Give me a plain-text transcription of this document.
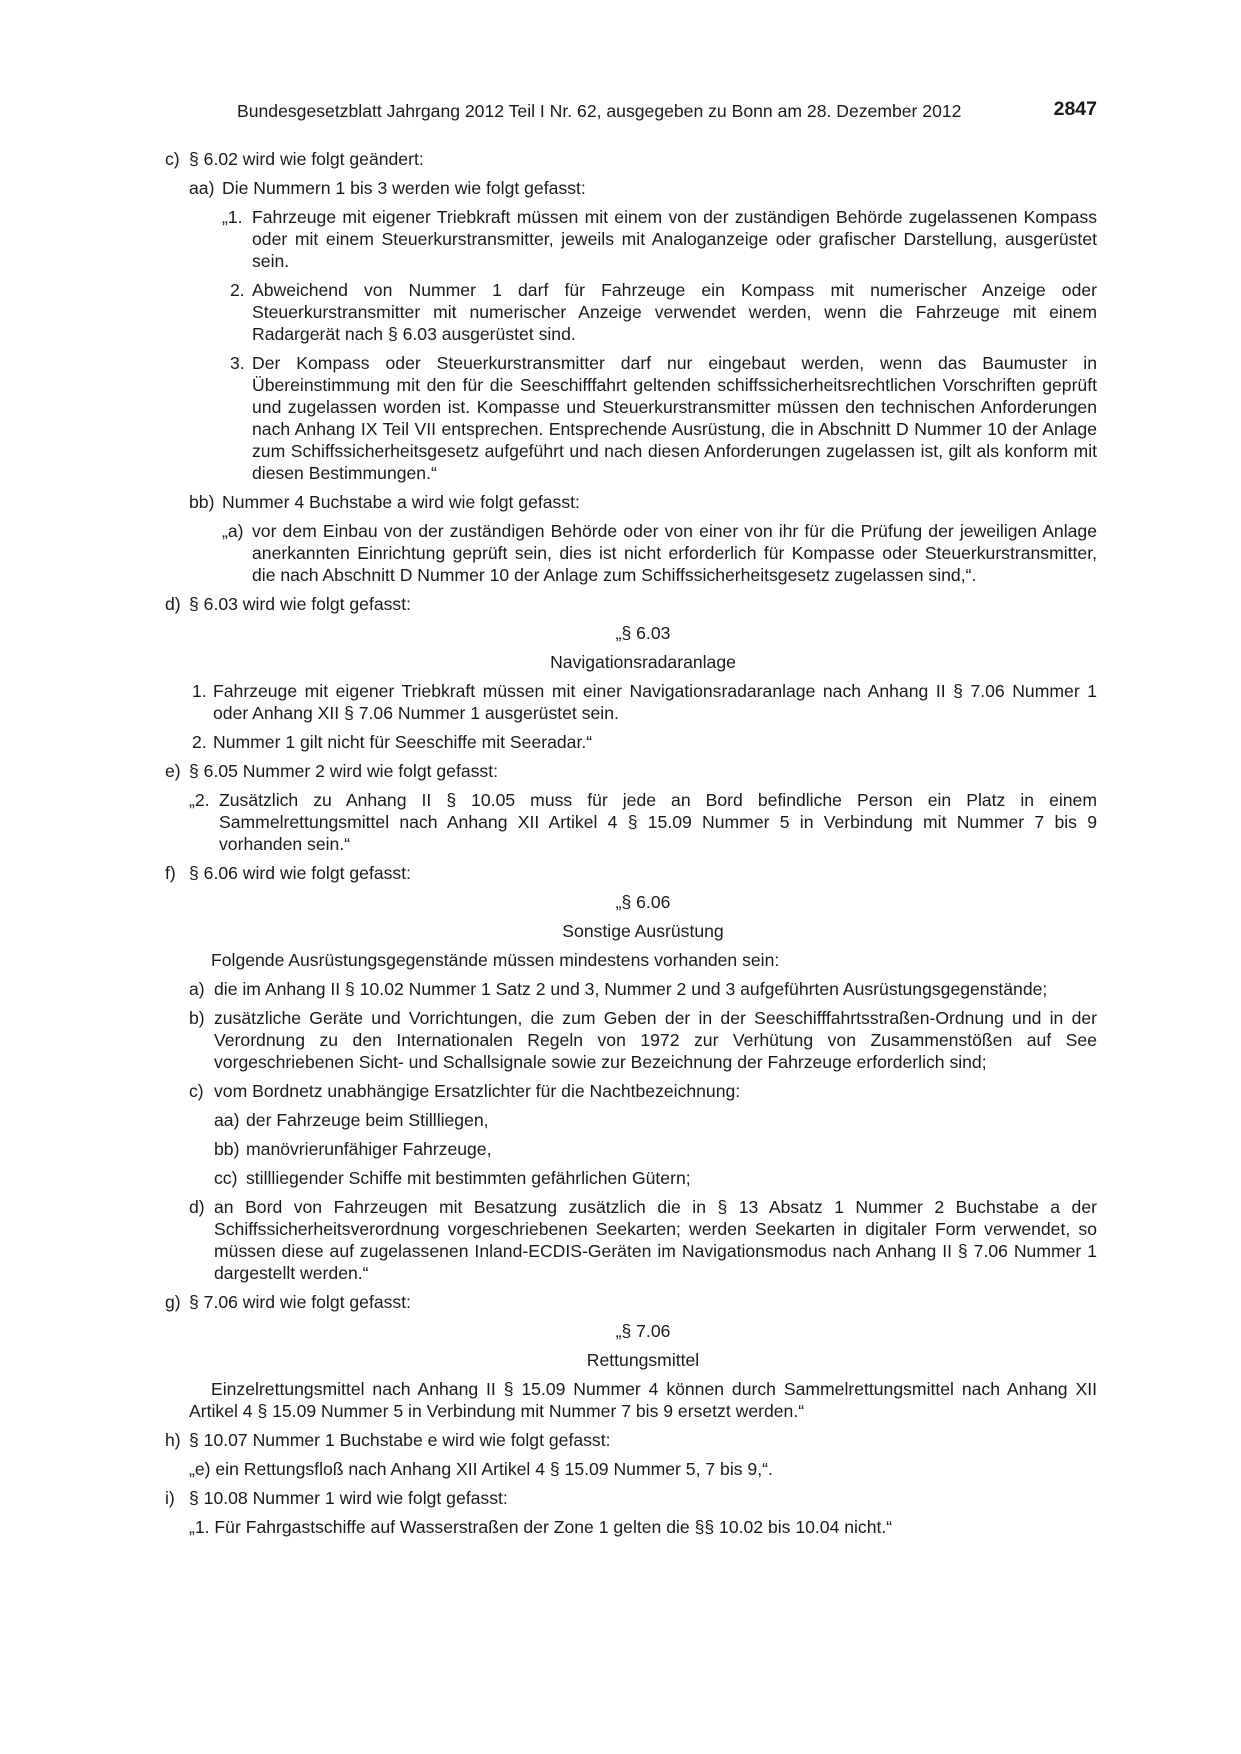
Bundesgesetzblatt Jahrgang 2012 Teil I Nr. 62, ausgegeben zu Bonn am 28. Dezember 2012	2847
c) § 6.02 wird wie folgt geändert:
aa) Die Nummern 1 bis 3 werden wie folgt gefasst:
„1. Fahrzeuge mit eigener Triebkraft müssen mit einem von der zuständigen Behörde zugelassenen Kompass oder mit einem Steuerkurstransmitter, jeweils mit Analoganzeige oder grafischer Darstellung, ausgerüstet sein.
2. Abweichend von Nummer 1 darf für Fahrzeuge ein Kompass mit numerischer Anzeige oder Steuerkurstransmitter mit numerischer Anzeige verwendet werden, wenn die Fahrzeuge mit einem Radargerät nach § 6.03 ausgerüstet sind.
3. Der Kompass oder Steuerkurstransmitter darf nur eingebaut werden, wenn das Baumuster in Übereinstimmung mit den für die Seeschifffahrt geltenden schiffssicherheitsrechtlichen Vorschriften geprüft und zugelassen worden ist. Kompasse und Steuerkurstransmitter müssen den technischen Anforderungen nach Anhang IX Teil VII entsprechen. Entsprechende Ausrüstung, die in Abschnitt D Nummer 10 der Anlage zum Schiffssicherheitsgesetz aufgeführt und nach diesen Anforderungen zugelassen ist, gilt als konform mit diesen Bestimmungen.“
bb) Nummer 4 Buchstabe a wird wie folgt gefasst:
„a) vor dem Einbau von der zuständigen Behörde oder von einer von ihr für die Prüfung der jeweiligen Anlage anerkannten Einrichtung geprüft sein, dies ist nicht erforderlich für Kompasse oder Steuerkurstransmitter, die nach Abschnitt D Nummer 10 der Anlage zum Schiffssicherheitsgesetz zugelassen sind,“.
d) § 6.03 wird wie folgt gefasst:
„§ 6.03
Navigationsradaranlage
1. Fahrzeuge mit eigener Triebkraft müssen mit einer Navigationsradaranlage nach Anhang II § 7.06 Nummer 1 oder Anhang XII § 7.06 Nummer 1 ausgerüstet sein.
2. Nummer 1 gilt nicht für Seeschiffe mit Seeradar.“
e) § 6.05 Nummer 2 wird wie folgt gefasst:
„2. Zusätzlich zu Anhang II § 10.05 muss für jede an Bord befindliche Person ein Platz in einem Sammelrettungsmittel nach Anhang XII Artikel 4 § 15.09 Nummer 5 in Verbindung mit Nummer 7 bis 9 vorhanden sein.“
f) § 6.06 wird wie folgt gefasst:
„§ 6.06
Sonstige Ausrüstung
Folgende Ausrüstungsgegenstände müssen mindestens vorhanden sein:
a) die im Anhang II § 10.02 Nummer 1 Satz 2 und 3, Nummer 2 und 3 aufgeführten Ausrüstungsgegenstände;
b) zusätzliche Geräte und Vorrichtungen, die zum Geben der in der Seeschifffahrtsstraßen-Ordnung und in der Verordnung zu den Internationalen Regeln von 1972 zur Verhütung von Zusammenstößen auf See vorgeschriebenen Sicht- und Schallsignale sowie zur Bezeichnung der Fahrzeuge erforderlich sind;
c) vom Bordnetz unabhängige Ersatzlichter für die Nachtbezeichnung:
aa) der Fahrzeuge beim Stillliegen,
bb) manövrierunfähiger Fahrzeuge,
cc) stillliegender Schiffe mit bestimmten gefährlichen Gütern;
d) an Bord von Fahrzeugen mit Besatzung zusätzlich die in § 13 Absatz 1 Nummer 2 Buchstabe a der Schiffssicherheitsverordnung vorgeschriebenen Seekarten; werden Seekarten in digitaler Form verwendet, so müssen diese auf zugelassenen Inland-ECDIS-Geräten im Navigationsmodus nach Anhang II § 7.06 Nummer 1 dargestellt werden.“
g) § 7.06 wird wie folgt gefasst:
„§ 7.06
Rettungsmittel
Einzelrettungsmittel nach Anhang II § 15.09 Nummer 4 können durch Sammelrettungsmittel nach Anhang XII Artikel 4 § 15.09 Nummer 5 in Verbindung mit Nummer 7 bis 9 ersetzt werden.“
h) § 10.07 Nummer 1 Buchstabe e wird wie folgt gefasst:
„e) ein Rettungsfloß nach Anhang XII Artikel 4 § 15.09 Nummer 5, 7 bis 9,“.
i) § 10.08 Nummer 1 wird wie folgt gefasst:
„1. Für Fahrgastschiffe auf Wasserstraßen der Zone 1 gelten die §§ 10.02 bis 10.04 nicht.“
